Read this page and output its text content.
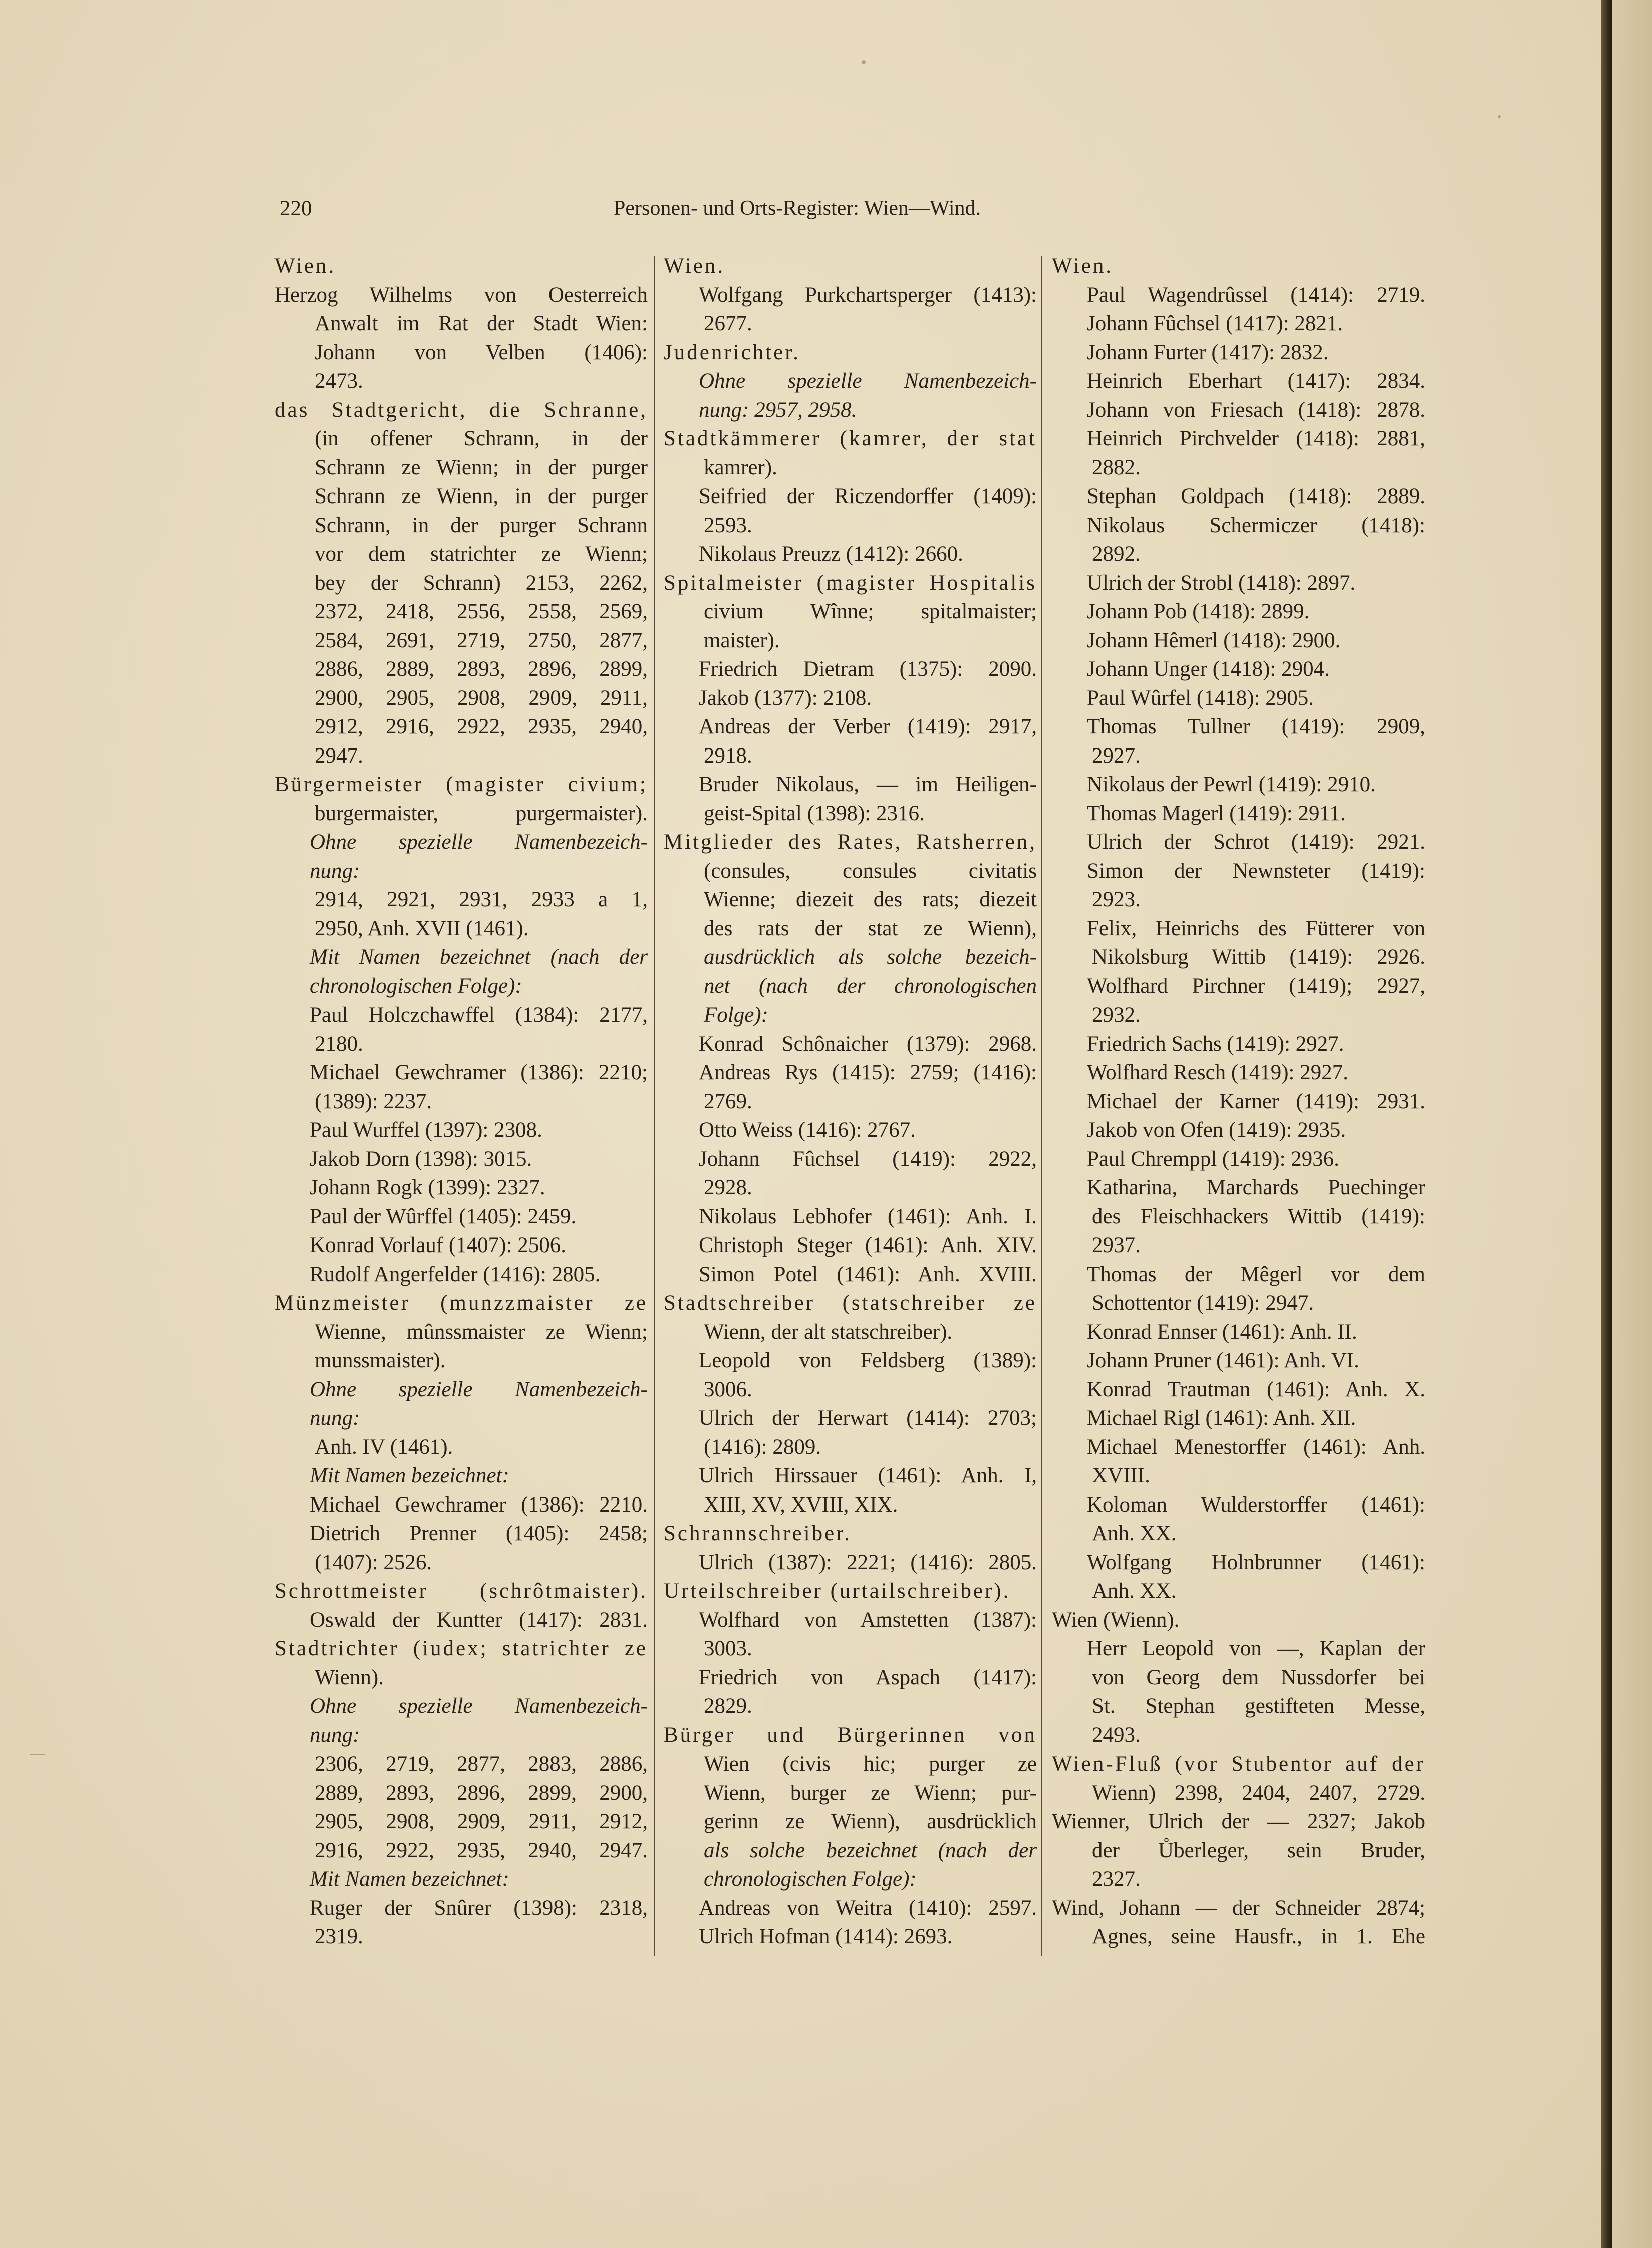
220	Personen- und Orts-Register: Wien—Wind.
Wien.
Herzog Wilhelms von Oesterreich
Anwalt im Rat der Stadt Wien:
Johann von Velben (1406):
2473.
das Stadtgericht, die Schranne,
(in offener Schrann, in der
Schrann ze Wienn; in der purger
Schrann ze Wienn, in der purger
Schrann, in der purger Schrann
vor dem statrichter ze Wienn;
bey der Schrann) 2153, 2262,
2372, 2418, 2556, 2558, 2569,
2584, 2691, 2719, 2750, 2877,
2886, 2889, 2893, 2896, 2899,
2900, 2905, 2908, 2909, 2911,
2912, 2916, 2922, 2935, 2940,
2947.
Bürgermeister (magister civium;
burgermaister, purgermaister).
Ohne spezielle Namenbezeich-
nung:
2914, 2921, 2931, 2933 a 1,
2950, Anh. XVII (1461).
Mit Namen bezeichnet (nach der
chronologischen Folge):
Paul Holczchawffel (1384): 2177,
2180.
Michael Gewchramer (1386): 2210;
(1389): 2237.
Paul Wurffel (1397): 2308.
Jakob Dorn (1398): 3015.
Johann Rogk (1399): 2327.
Paul der Wûrffel (1405): 2459.
Konrad Vorlauf (1407): 2506.
Rudolf Angerfelder (1416): 2805.
Münzmeister (munzzmaister ze
Wienne, mûnssmaister ze Wienn;
munssmaister).
Ohne spezielle Namenbezeich-
nung:
Anh. IV (1461).
Mit Namen bezeichnet:
Michael Gewchramer (1386): 2210.
Dietrich Prenner (1405): 2458;
(1407): 2526.
Schrottmeister (schrôtmaister).
Oswald der Kuntter (1417): 2831.
Stadtrichter (iudex; statrichter ze
Wienn).
Ohne spezielle Namenbezeich-
nung:
2306, 2719, 2877, 2883, 2886,
2889, 2893, 2896, 2899, 2900,
2905, 2908, 2909, 2911, 2912,
2916, 2922, 2935, 2940, 2947.
Mit Namen bezeichnet:
Ruger der Snûrer (1398): 2318,
2319.
Wien.
Wolfgang Purkchartsperger (1413):
2677.
Judenrichter.
Ohne spezielle Namenbezeich-
nung: 2957, 2958.
Stadtkämmerer (kamrer, der stat
kamrer).
Seifried der Riczendorffer (1409):
2593.
Nikolaus Preuzz (1412): 2660.
Spitalmeister (magister Hospitalis
civium Wînne; spitalmaister;
maister).
Friedrich Dietram (1375): 2090.
Jakob (1377): 2108.
Andreas der Verber (1419): 2917,
2918.
Bruder Nikolaus, — im Heiligen-
geist-Spital (1398): 2316.
Mitglieder des Rates, Ratsherren,
(consules, consules civitatis
Wienne; diezeit des rats; diezeit
des rats der stat ze Wienn),
ausdrücklich als solche bezeich-
net (nach der chronologischen
Folge):
Konrad Schônaicher (1379): 2968.
Andreas Rys (1415): 2759; (1416):
2769.
Otto Weiss (1416): 2767.
Johann Fûchsel (1419): 2922,
2928.
Nikolaus Lebhofer (1461): Anh. I.
Christoph Steger (1461): Anh. XIV.
Simon Potel (1461): Anh. XVIII.
Stadtschreiber (statschreiber ze
Wienn, der alt statschreiber).
Leopold von Feldsberg (1389):
3006.
Ulrich der Herwart (1414): 2703;
(1416): 2809.
Ulrich Hirssauer (1461): Anh. I,
XIII, XV, XVIII, XIX.
Schrannschreiber.
Ulrich (1387): 2221; (1416): 2805.
Urteilschreiber (urtailschreiber).
Wolfhard von Amstetten (1387):
3003.
Friedrich von Aspach (1417):
2829.
Bürger und Bürgerinnen von
Wien (civis hic; purger ze
Wienn, burger ze Wienn; pur-
gerinn ze Wienn), ausdrücklich
als solche bezeichnet (nach der
chronologischen Folge):
Andreas von Weitra (1410): 2597.
Ulrich Hofman (1414): 2693.
Wien.
Paul Wagendrûssel (1414): 2719.
Johann Fûchsel (1417): 2821.
Johann Furter (1417): 2832.
Heinrich Eberhart (1417): 2834.
Johann von Friesach (1418): 2878.
Heinrich Pirchvelder (1418): 2881,
2882.
Stephan Goldpach (1418): 2889.
Nikolaus Schermiczer (1418):
2892.
Ulrich der Strobl (1418): 2897.
Johann Pob (1418): 2899.
Johann Hêmerl (1418): 2900.
Johann Unger (1418): 2904.
Paul Wûrfel (1418): 2905.
Thomas Tullner (1419): 2909,
2927.
Nikolaus der Pewrl (1419): 2910.
Thomas Magerl (1419): 2911.
Ulrich der Schrot (1419): 2921.
Simon der Newnsteter (1419):
2923.
Felix, Heinrichs des Fütterer von
Nikolsburg Wittib (1419): 2926.
Wolfhard Pirchner (1419); 2927,
2932.
Friedrich Sachs (1419): 2927.
Wolfhard Resch (1419): 2927.
Michael der Karner (1419): 2931.
Jakob von Ofen (1419): 2935.
Paul Chremppl (1419): 2936.
Katharina, Marchards Puechinger
des Fleischhackers Wittib (1419):
2937.
Thomas der Mêgerl vor dem
Schottentor (1419): 2947.
Konrad Ennser (1461): Anh. II.
Johann Pruner (1461): Anh. VI.
Konrad Trautman (1461): Anh. X.
Michael Rigl (1461): Anh. XII.
Michael Menestorffer (1461): Anh.
XVIII.
Koloman Wulderstorffer (1461):
Anh. XX.
Wolfgang Holnbrunner (1461):
Anh. XX.
Wien (Wienn).
Herr Leopold von —, Kaplan der
von Georg dem Nussdorfer bei
St. Stephan gestifteten Messe,
2493.
Wien-Fluß (vor Stubentor auf der
Wienn) 2398, 2404, 2407, 2729.
Wienner, Ulrich der — 2327; Jakob
der Ůberleger, sein Bruder,
2327.
Wind, Johann — der Schneider 2874;
Agnes, seine Hausfr., in 1. Ehe
